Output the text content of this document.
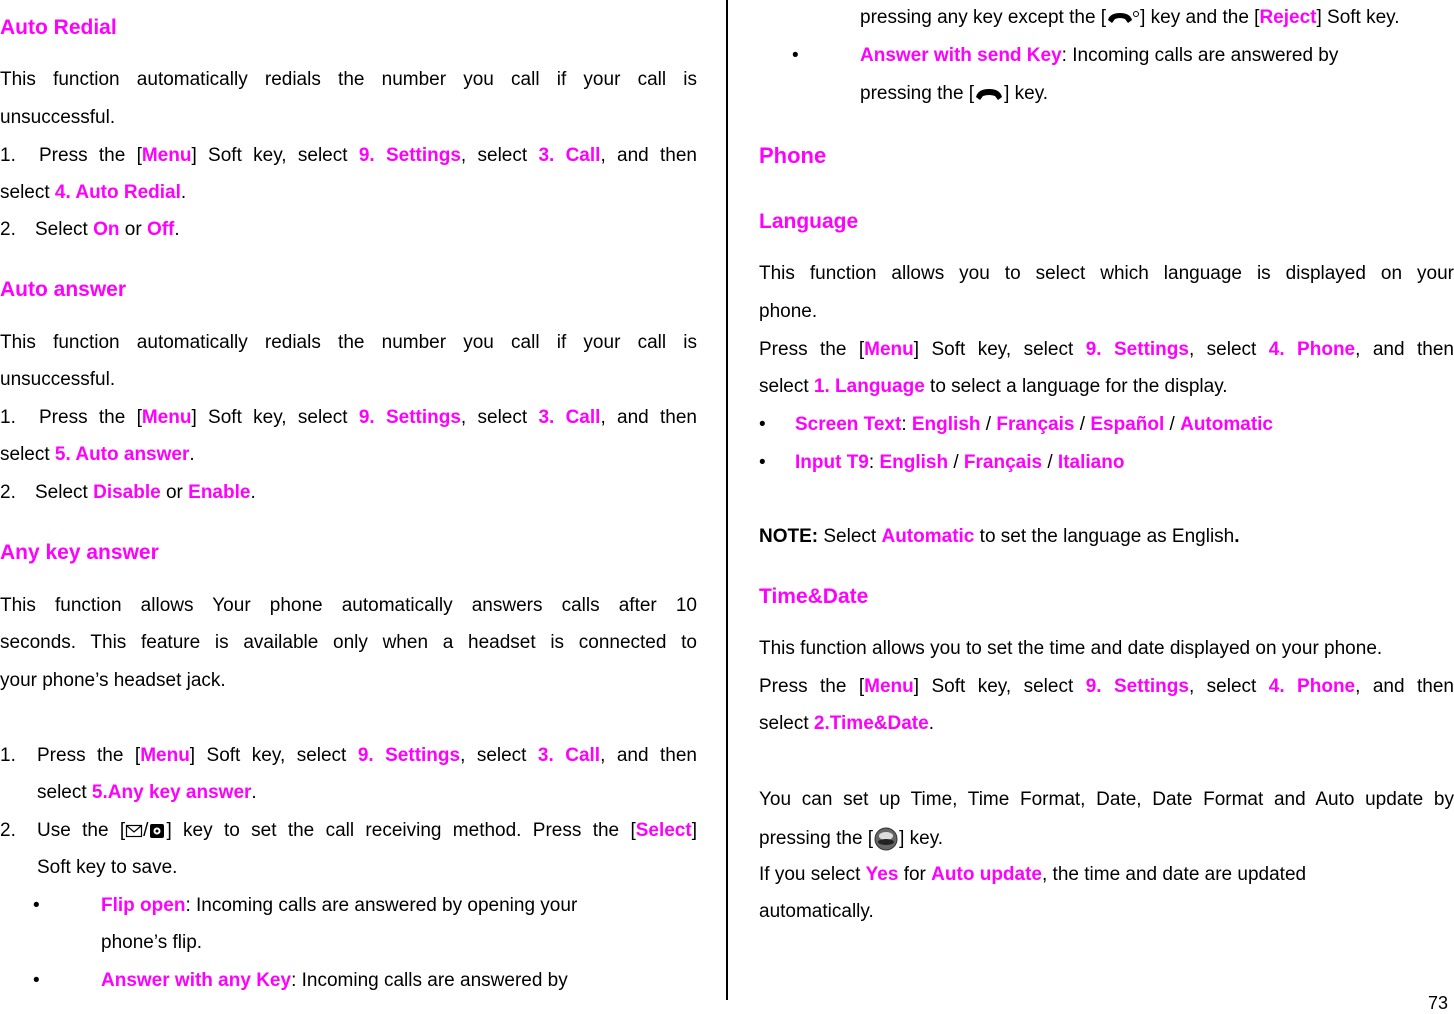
Auto Redial
This function automatically redials the number you call if your call is
unsuccessful.
1. Press the [Menu] Soft key, select 9. Settings, select 3. Call, and then
select 4. Auto Redial.
2. Select On or Off.
Auto answer
This function automatically redials the number you call if your call is
unsuccessful.
1. Press the [Menu] Soft key, select 9. Settings, select 3. Call, and then
select 5. Auto answer.
2. Select Disable or Enable.
Any key answer
This function allows Your phone automatically answers calls after 10
seconds. This feature is available only when a headset is connected to
your phone’s headset jack.
1. Press the [Menu] Soft key, select 9. Settings, select 3. Call, and then
select 5.Any key answer.
2. Use the [ / ] key to set the call receiving method. Press the [Select]
Soft key to save.
•	Flip open: Incoming calls are answered by opening your
phone’s flip.
•	Answer with any Key: Incoming calls are answered by
pressing any key except the [ ] key and the [Reject] Soft key.
•	Answer with send Key: Incoming calls are answered by
pressing the [ ] key.
Phone
Language
This function allows you to select which language is displayed on your
phone.
Press the [Menu] Soft key, select 9. Settings, select 4. Phone, and then
select 1. Language to select a language for the display.
• Screen Text: English / Français / Español / Automatic
• Input T9: English / Français / Italiano
NOTE: Select Automatic to set the language as English.
Time&Date
This function allows you to set the time and date displayed on your phone.
Press the [Menu] Soft key, select 9. Settings, select 4. Phone, and then
select 2.Time&Date.
You can set up Time, Time Format, Date, Date Format and Auto update by
pressing the [ ] key.
If you select Yes for Auto update, the time and date are updated
automatically.
73
